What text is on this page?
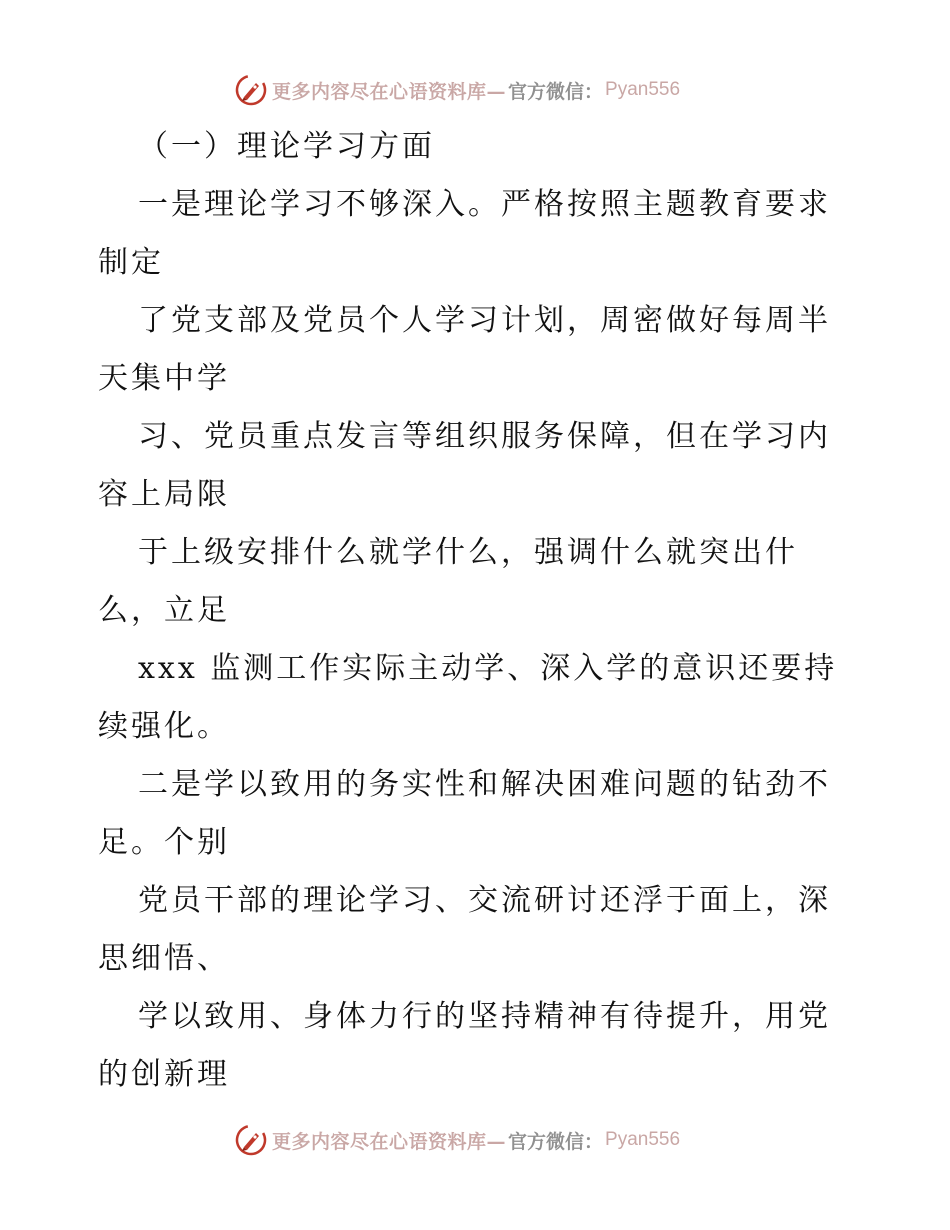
更多内容尽在心语资料库— 官方微信： Pyan556
（一）理论学习方面
一是理论学习不够深入。严格按照主题教育要求
制定
了党支部及党员个人学习计划，周密做好每周半
天集中学
习、党员重点发言等组织服务保障，但在学习内
容上局限
于上级安排什么就学什么，强调什么就突出什
么，立足
xxx 监测工作实际主动学、深入学的意识还要持
续强化。
二是学以致用的务实性和解决困难问题的钻劲不
足。个别
党员干部的理论学习、交流研讨还浮于面上，深
思细悟、
学以致用、身体力行的坚持精神有待提升，用党
的创新理
更多内容尽在心语资料库— 官方微信： Pyan556
